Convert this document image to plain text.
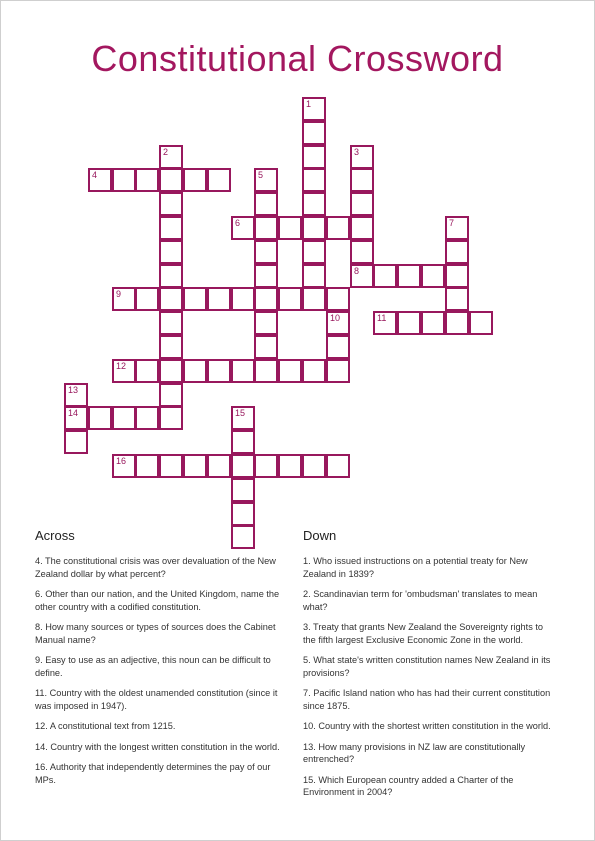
Constitutional Crossword
1
2	3
8
4	5
6	7
9
10	11
12
13
14	15
16
Across

4. The constitutional crisis was over devaluation of the New Zealand dollar by what percent?

6. Other than our nation, and the United Kingdom, name the other country with a codified constitution.

8. How many sources or types of sources does the Cabinet Manual name?

9. Easy to use as an adjective, this noun can be difficult to define.

11. Country with the oldest unamended constitution (since it was imposed in 1947).

12. A constitutional text from 1215.

14. Country with the longest written constitution in the world.

16. Authority that independently determines the pay of our MPs.

Down

1. Who issued instructions on a potential treaty for New Zealand in 1839?

2. Scandinavian term for 'ombudsman' translates to mean what?

3. Treaty that grants New Zealand the Sovereignty rights to the fifth largest Exclusive Economic Zone in the world.

5. What state's written constitution names New Zealand in its provisions?

7. Pacific Island nation who has had their current constitution since 1875.

10. Country with the shortest written constitution in the world.

13. How many provisions in NZ law are constitutionally entrenched?

15. Which European country added a Charter of the Environment in 2004?
